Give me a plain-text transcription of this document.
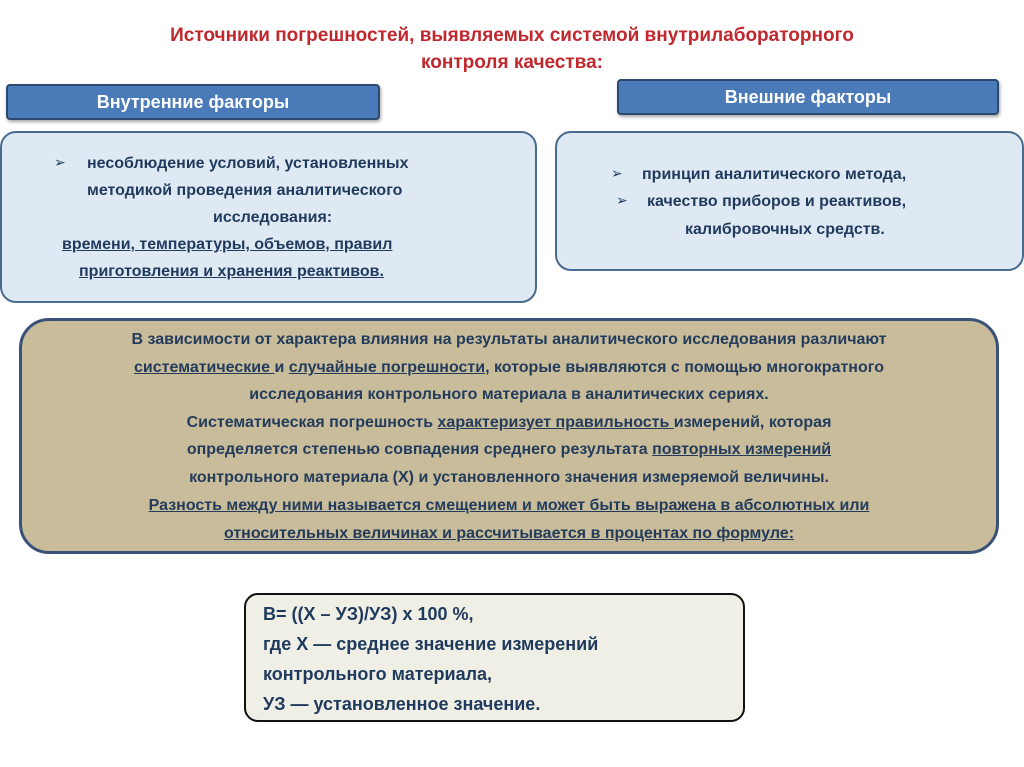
Источники погрешностей, выявляемых системой внутрилабораторного
контроля качества:
Внутренние факторы	Внешние факторы
➢ несоблюдение условий, установленных
методикой проведения аналитического
исследования:
времени, температуры, объемов, правил
приготовления и хранения реактивов.
➢ принцип аналитического метода,
➢ качество приборов и реактивов,
калибровочных средств.
В зависимости от характера влияния на результаты аналитического исследования различают
систематические и случайные погрешности, которые выявляются с помощью многократного
исследования контрольного материала в аналитических сериях.
Систематическая погрешность характеризует правильность измерений, которая
определяется степенью совпадения среднего результата повторных измерений
контрольного материала (Х) и установленного значения измеряемой величины.
Разность между ними называется смещением и может быть выражена в абсолютных или
относительных величинах и рассчитывается в процентах по формуле:
В= ((Х – УЗ)/УЗ) х 100 %,
где Х — среднее значение измерений
контрольного материала,
УЗ — установленное значение.
